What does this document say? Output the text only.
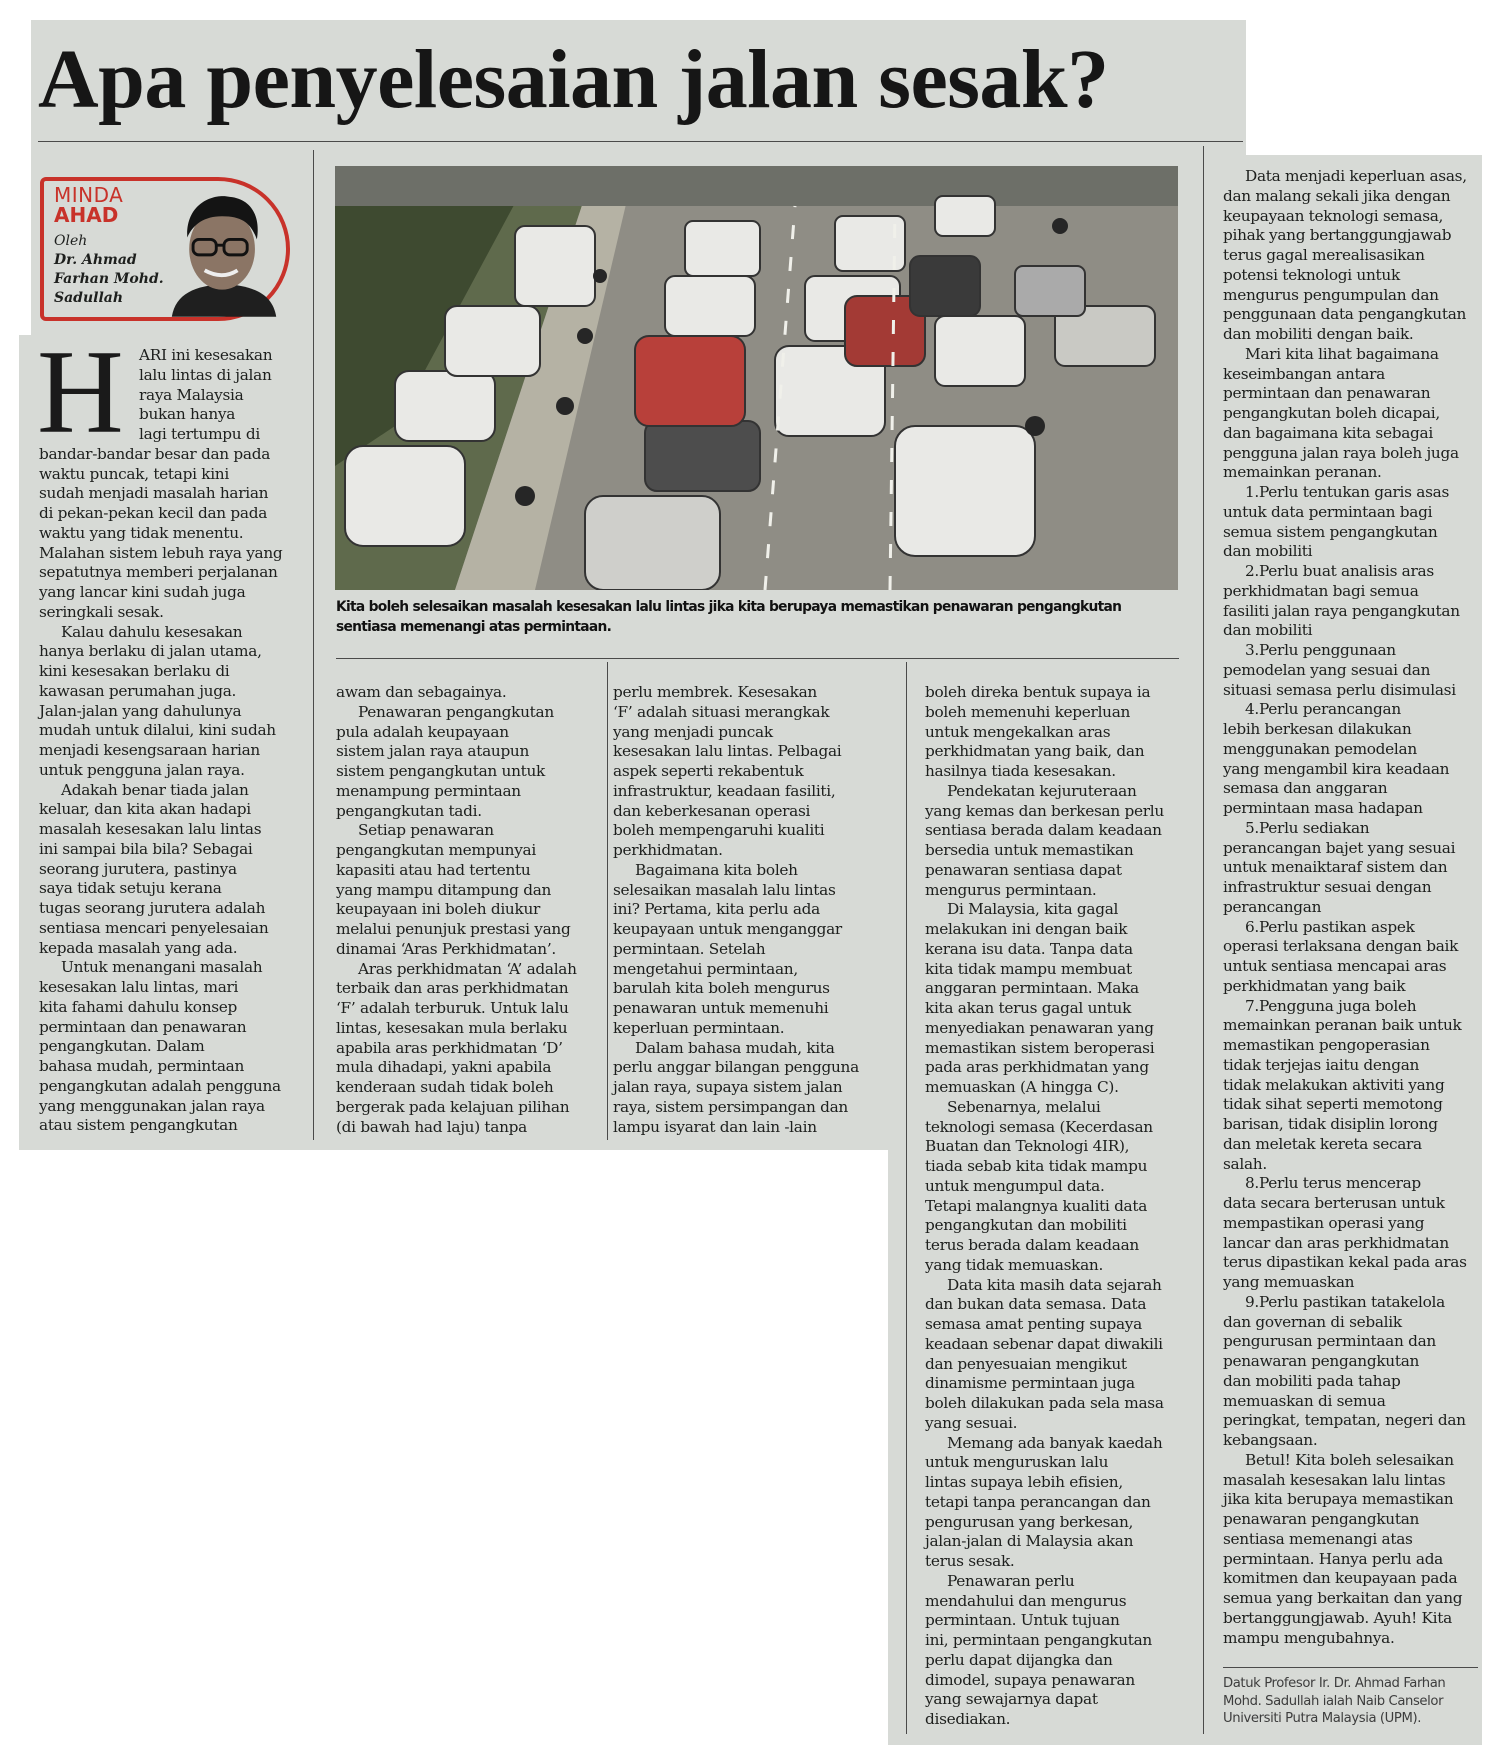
Apa penyelesaian jalan sesak?
MINDA
AHAD
Oleh
Dr. Ahmad
Farhan Mohd.
Sadullah
H
Kita boleh selesaikan masalah kesesakan lalu lintas jika kita berupaya memastikan penawaran pengangkutan
sentiasa memenangi atas permintaan.
ARI ini kesesakan
lalu lintas di jalan
raya Malaysia
bukan hanya
lagi tertumpu di
bandar-bandar besar dan pada
waktu puncak, tetapi kini
sudah menjadi masalah harian
di pekan-pekan kecil dan pada
waktu yang tidak menentu.
Malahan sistem lebuh raya yang
sepatutnya memberi perjalanan
yang lancar kini sudah juga
seringkali sesak.
Kalau dahulu kesesakan
hanya berlaku di jalan utama,
kini kesesakan berlaku di
kawasan perumahan juga.
Jalan-jalan yang dahulunya
mudah untuk dilalui, kini sudah
menjadi kesengsaraan harian
untuk pengguna jalan raya.
Adakah benar tiada jalan
keluar, dan kita akan hadapi
masalah kesesakan lalu lintas
ini sampai bila bila? Sebagai
seorang jurutera, pastinya
saya tidak setuju kerana
tugas seorang jurutera adalah
sentiasa mencari penyelesaian
kepada masalah yang ada.
Untuk menangani masalah
kesesakan lalu lintas, mari
kita fahami dahulu konsep
permintaan dan penawaran
pengangkutan. Dalam
bahasa mudah, permintaan
pengangkutan adalah pengguna
yang menggunakan jalan raya
atau sistem pengangkutan
awam dan sebagainya.
Penawaran pengangkutan
pula adalah keupayaan
sistem jalan raya ataupun
sistem pengangkutan untuk
menampung permintaan
pengangkutan tadi.
Setiap penawaran
pengangkutan mempunyai
kapasiti atau had tertentu
yang mampu ditampung dan
keupayaan ini boleh diukur
melalui penunjuk prestasi yang
dinamai ‘Aras Perkhidmatan’.
Aras perkhidmatan ‘A’ adalah
terbaik dan aras perkhidmatan
‘F’ adalah terburuk. Untuk lalu
lintas, kesesakan mula berlaku
apabila aras perkhidmatan ‘D’
mula dihadapi, yakni apabila
kenderaan sudah tidak boleh
bergerak pada kelajuan pilihan
(di bawah had laju) tanpa
perlu membrek. Kesesakan
‘F’ adalah situasi merangkak
yang menjadi puncak
kesesakan lalu lintas. Pelbagai
aspek seperti rekabentuk
infrastruktur, keadaan fasiliti,
dan keberkesanan operasi
boleh mempengaruhi kualiti
perkhidmatan.
Bagaimana kita boleh
selesaikan masalah lalu lintas
ini? Pertama, kita perlu ada
keupayaan untuk menganggar
permintaan. Setelah
mengetahui permintaan,
barulah kita boleh mengurus
penawaran untuk memenuhi
keperluan permintaan.
Dalam bahasa mudah, kita
perlu anggar bilangan pengguna
jalan raya, supaya sistem jalan
raya, sistem persimpangan dan
lampu isyarat dan lain -lain
boleh direka bentuk supaya ia
boleh memenuhi keperluan
untuk mengekalkan aras
perkhidmatan yang baik, dan
hasilnya tiada kesesakan.
Pendekatan kejuruteraan
yang kemas dan berkesan perlu
sentiasa berada dalam keadaan
bersedia untuk memastikan
penawaran sentiasa dapat
mengurus permintaan.
Di Malaysia, kita gagal
melakukan ini dengan baik
kerana isu data. Tanpa data
kita tidak mampu membuat
anggaran permintaan. Maka
kita akan terus gagal untuk
menyediakan penawaran yang
memastikan sistem beroperasi
pada aras perkhidmatan yang
memuaskan (A hingga C).
Sebenarnya, melalui
teknologi semasa (Kecerdasan
Buatan dan Teknologi 4IR),
tiada sebab kita tidak mampu
untuk mengumpul data.
Tetapi malangnya kualiti data
pengangkutan dan mobiliti
terus berada dalam keadaan
yang tidak memuaskan.
Data kita masih data sejarah
dan bukan data semasa. Data
semasa amat penting supaya
keadaan sebenar dapat diwakili
dan penyesuaian mengikut
dinamisme permintaan juga
boleh dilakukan pada sela masa
yang sesuai.
Memang ada banyak kaedah
untuk menguruskan lalu
lintas supaya lebih efisien,
tetapi tanpa perancangan dan
pengurusan yang berkesan,
jalan-jalan di Malaysia akan
terus sesak.
Penawaran perlu
mendahului dan mengurus
permintaan. Untuk tujuan
ini, permintaan pengangkutan
perlu dapat dijangka dan
dimodel, supaya penawaran
yang sewajarnya dapat
disediakan.
Data menjadi keperluan asas,
dan malang sekali jika dengan
keupayaan teknologi semasa,
pihak yang bertanggungjawab
terus gagal merealisasikan
potensi teknologi untuk
mengurus pengumpulan dan
penggunaan data pengangkutan
dan mobiliti dengan baik.
Mari kita lihat bagaimana
keseimbangan antara
permintaan dan penawaran
pengangkutan boleh dicapai,
dan bagaimana kita sebagai
pengguna jalan raya boleh juga
memainkan peranan.
1.Perlu tentukan garis asas
untuk data permintaan bagi
semua sistem pengangkutan
dan mobiliti
2.Perlu buat analisis aras
perkhidmatan bagi semua
fasiliti jalan raya pengangkutan
dan mobiliti
3.Perlu penggunaan
pemodelan yang sesuai dan
situasi semasa perlu disimulasi
4.Perlu perancangan
lebih berkesan dilakukan
menggunakan pemodelan
yang mengambil kira keadaan
semasa dan anggaran
permintaan masa hadapan
5.Perlu sediakan
perancangan bajet yang sesuai
untuk menaiktaraf sistem dan
infrastruktur sesuai dengan
perancangan
6.Perlu pastikan aspek
operasi terlaksana dengan baik
untuk sentiasa mencapai aras
perkhidmatan yang baik
7.Pengguna juga boleh
memainkan peranan baik untuk
memastikan pengoperasian
tidak terjejas iaitu dengan
tidak melakukan aktiviti yang
tidak sihat seperti memotong
barisan, tidak disiplin lorong
dan meletak kereta secara
salah.
8.Perlu terus mencerap
data secara berterusan untuk
mempastikan operasi yang
lancar dan aras perkhidmatan
terus dipastikan kekal pada aras
yang memuaskan
9.Perlu pastikan tatakelola
dan governan di sebalik
pengurusan permintaan dan
penawaran pengangkutan
dan mobiliti pada tahap
memuaskan di semua
peringkat, tempatan, negeri dan
kebangsaan.
Betul! Kita boleh selesaikan
masalah kesesakan lalu lintas
jika kita berupaya memastikan
penawaran pengangkutan
sentiasa memenangi atas
permintaan. Hanya perlu ada
komitmen dan keupayaan pada
semua yang berkaitan dan yang
bertanggungjawab. Ayuh! Kita
mampu mengubahnya.
Datuk Profesor Ir. Dr. Ahmad Farhan
Mohd. Sadullah ialah Naib Canselor
Universiti Putra Malaysia (UPM).
